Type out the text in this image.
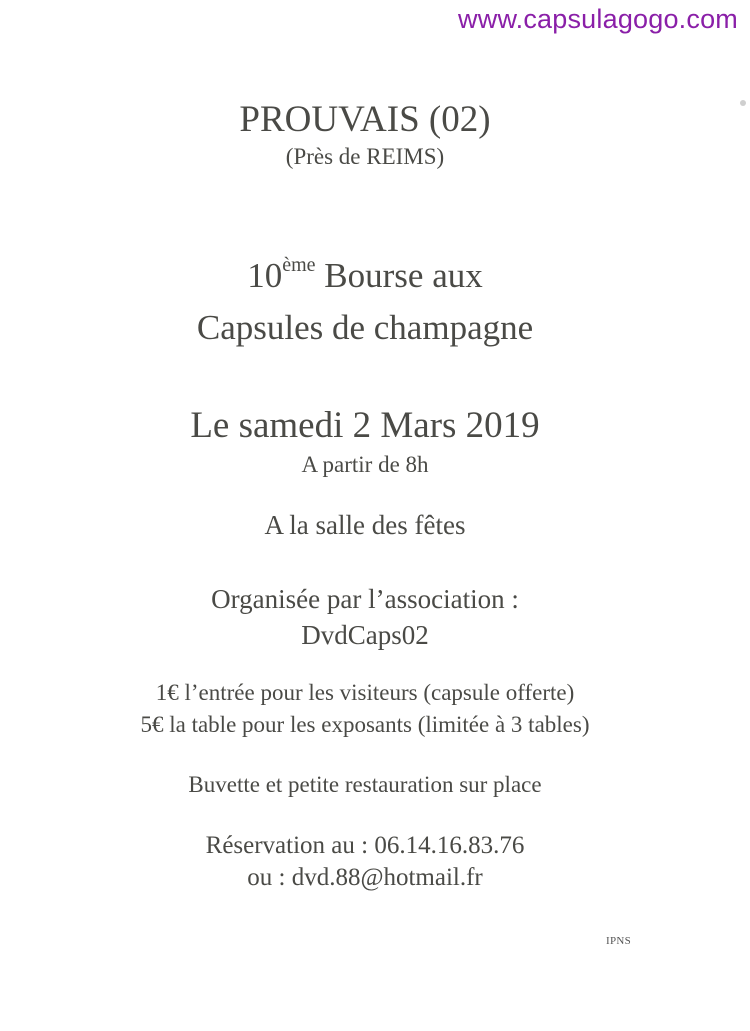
www.capsulagogo.com
PROUVAIS (02)
(Près de REIMS)
10ème Bourse aux
Capsules de champagne
Le samedi 2 Mars 2019
A partir de 8h
A la salle des fêtes
Organisée par l’association :
DvdCaps02
1€ l’entrée pour les visiteurs (capsule offerte)
5€ la table pour les exposants (limitée à 3 tables)
Buvette et petite restauration sur place
Réservation au : 06.14.16.83.76
ou : dvd.88@hotmail.fr
IPNS
